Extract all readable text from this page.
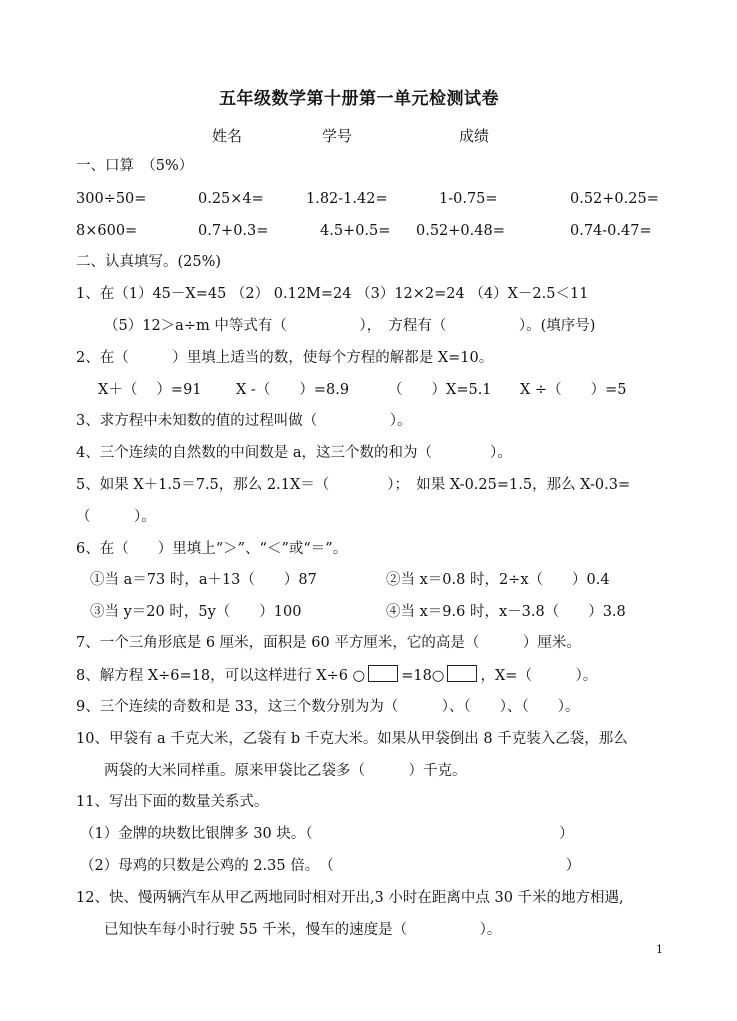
五年级数学第十册第一单元检测试卷
姓名	学号	成绩
一、口算　（5%）
300÷50=	0.25×4=	1.82-1.42=	1-0.75=	0.52+0.25=
8×600=	0.7+0.3=	4.5+0.5= 0.52+0.48=	0.74-0.47=
二、认真填写。(25%)
1、在（1）45－X=45 （2） 0.12M=24 （3）12×2=24 （4）X－2.5＜11
（5）12＞a÷m 中等式有（　　　　　），　方程有（　　　　　）。(填序号)
2、在（　　　）里填上适当的数，使每个方程的解都是 X=10。
X＋（　 ）=91 X -（　　）=8.9	（　　）X=5.1 X ÷（　　）=5
3、求方程中未知数的值的过程叫做（　　　　　）。
4、三个连续的自然数的中间数是 a，这三个数的和为（　　　　）。
5、如果 X＋1.5＝7.5，那么 2.1X＝（　　　　）；　如果 X-0.25=1.5，那么 X-0.3=
（　　　）。
6、在（　　）里填上“＞”、“＜”或“＝”。
①当 a＝73 时，a＋13（　　）87	②当 x＝0.8 时，2÷x（　　）0.4
③当 y＝20 时，5y（　　）100	④当 x＝9.6 时，x－3.8（　　）3.8
7、一个三角形底是 6 厘米，面积是 60 平方厘米，它的高是（　　　）厘米。
8、解方程 X÷6=18，可以这样进行 X÷6 ○ =18○ ，X=（　　　）。
9、三个连续的奇数和是 33，这三个数分别为为（　　　）、（　　）、（　　）。
10、甲袋有 a 千克大米，乙袋有 b 千克大米。如果从甲袋倒出 8 千克装入乙袋，那么
两袋的大米同样重。原来甲袋比乙袋多（　　　）千克。
11、写出下面的数量关系式。
（1）金牌的块数比银牌多 30 块。（　　　　　　　　　　　　　　　　　）
（2）母鸡的只数是公鸡的 2.35 倍。　（　　　　　　　　　　　　　　　　）
12、快、慢两辆汽车从甲乙两地同时相对开出,3 小时在距离中点 30 千米的地方相遇,
已知快车每小时行驶 55 千米，慢车的速度是（　　　　　）。
1
